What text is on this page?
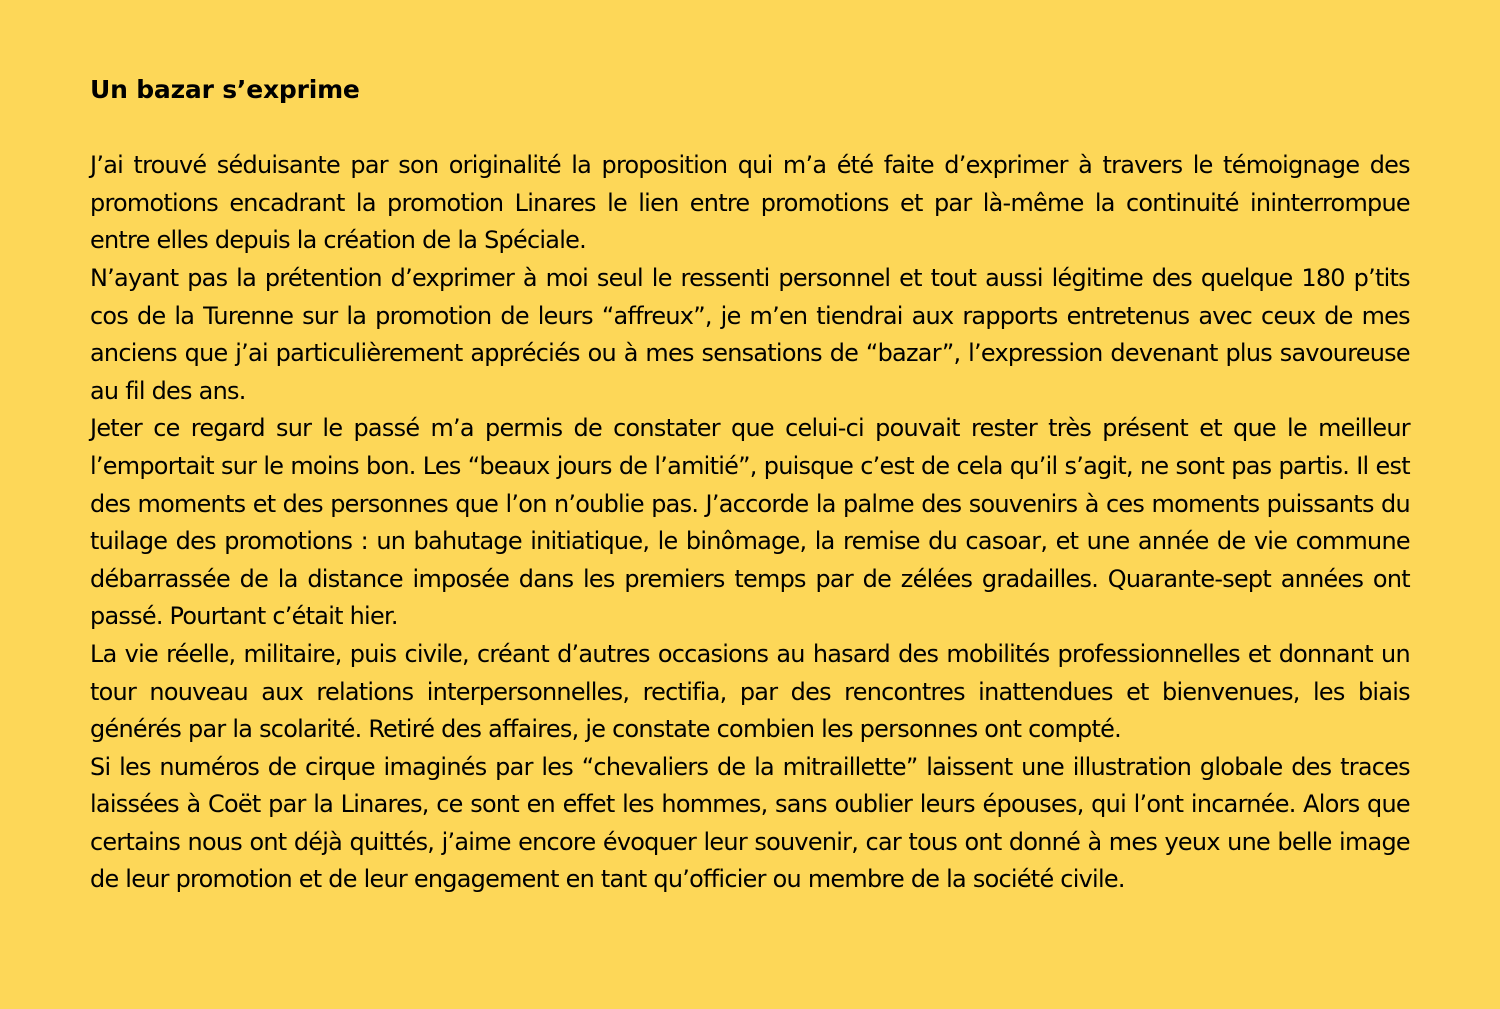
Un bazar s’exprime

J’ai trouvé séduisante par son originalité la proposition qui m’a été faite d’exprimer à travers le témoignage des promotions encadrant la promotion Linares le lien entre promotions et par là-même la continuité ininterrompue entre elles depuis la création de la Spéciale.

N’ayant pas la prétention d’exprimer à moi seul le ressenti personnel et tout aussi légitime des quelque 180 p’tits cos de la Turenne sur la promotion de leurs “affreux”, je m’en tiendrai aux rapports entretenus avec ceux de mes anciens que j’ai particulièrement appréciés ou à mes sensations de “bazar”, l’expression devenant plus savoureuse au fil des ans.

Jeter ce regard sur le passé m’a permis de constater que celui-ci pouvait rester très présent et que le meilleur l’emportait sur le moins bon. Les “beaux jours de l’amitié”, puisque c’est de cela qu’il s’agit, ne sont pas partis. Il est des moments et des personnes que l’on n’oublie pas. J’accorde la palme des souvenirs à ces moments puissants du tuilage des promotions : un bahutage initiatique, le binômage, la remise du casoar, et une année de vie commune débarrassée de la distance imposée dans les premiers temps par de zélées gradailles. Quarante-sept années ont passé. Pourtant c’était hier.

La vie réelle, militaire, puis civile, créant d’autres occasions au hasard des mobilités professionnelles et donnant un tour nouveau aux relations interpersonnelles, rectifia, par des rencontres inattendues et bienvenues, les biais générés par la scolarité. Retiré des affaires, je constate combien les personnes ont compté.

Si les numéros de cirque imaginés par les “chevaliers de la mitraillette” laissent une illustration globale des traces laissées à Coët par la Linares, ce sont en effet les hommes, sans oublier leurs épouses, qui l’ont incarnée. Alors que certains nous ont déjà quittés, j’aime encore évoquer leur souvenir, car tous ont donné à mes yeux une belle image de leur promotion et de leur engagement en tant qu’officier ou membre de la société civile.
